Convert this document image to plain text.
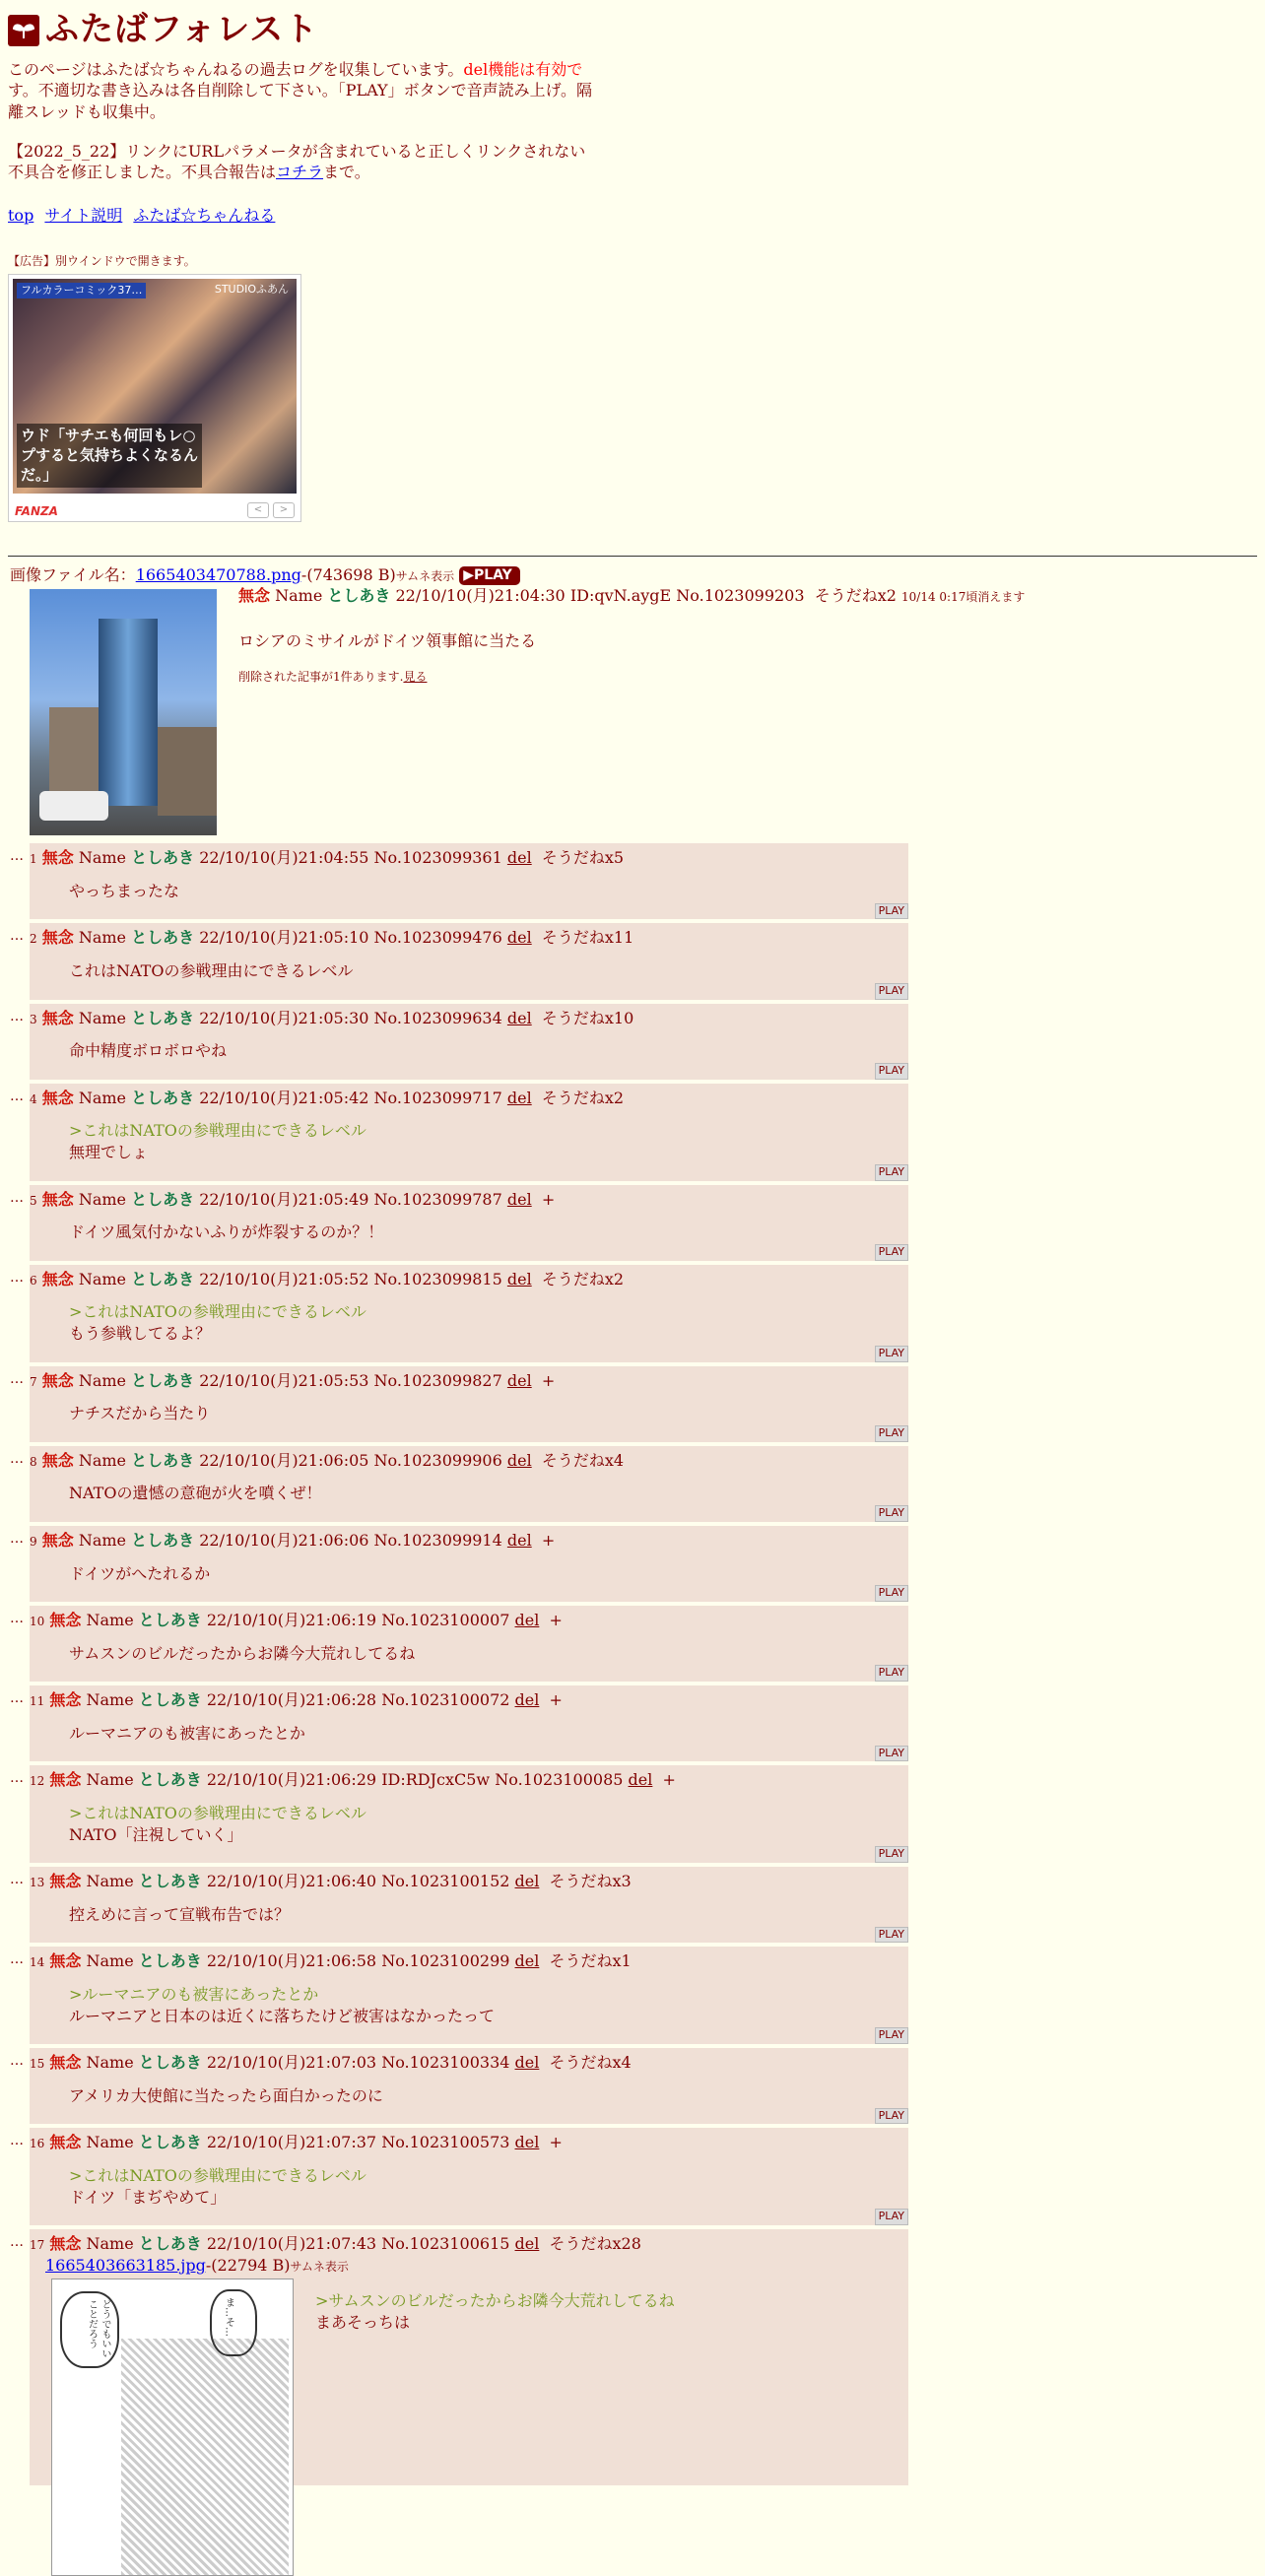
ふたばフォレスト
このページはふたば☆ちゃんねるの過去ログを収集しています。del機能は有効です。不適切な書き込みは各自削除して下さい。「PLAY」ボタンで音声読み上げ。隔離スレッドも収集中。
【2022_5_22】リンクにURLパラメータが含まれていると正しくリンクされない不具合を修正しました。不具合報告はコチラまで。
top サイト説明 ふたば☆ちゃんねる
【広告】別ウインドウで開きます。
フルカラーコミック37…	STUDIOふあん
ウド「サチエも何回もレ○プすると気持ちよくなるんだ。」
FANZA	<	>
画像ファイル名：1665403470788.png-(743698 B)サムネ表示 ▶PLAY
無念 Name としあき 22/10/10(月)21:04:30 ID:qvN.aygE No.1023099203 そうだねx2 10/14 0:17頃消えます
ロシアのミサイルがドイツ領事館に当たる
削除された記事が1件あります.見る
… 1 無念 Name としあき 22/10/10(月)21:04:55 No.1023099361 del そうだねx5
やっちまったな
PLAY
… 2 無念 Name としあき 22/10/10(月)21:05:10 No.1023099476 del そうだねx11
これはNATOの参戦理由にできるレベル
PLAY
… 3 無念 Name としあき 22/10/10(月)21:05:30 No.1023099634 del そうだねx10
命中精度ボロボロやね
PLAY
… 4 無念 Name としあき 22/10/10(月)21:05:42 No.1023099717 del そうだねx2
>これはNATOの参戦理由にできるレベル
無理でしょ
PLAY
… 5 無念 Name としあき 22/10/10(月)21:05:49 No.1023099787 del +
ドイツ風気付かないふりが炸裂するのか？！
PLAY
… 6 無念 Name としあき 22/10/10(月)21:05:52 No.1023099815 del そうだねx2
>これはNATOの参戦理由にできるレベル
もう参戦してるよ？
PLAY
… 7 無念 Name としあき 22/10/10(月)21:05:53 No.1023099827 del +
ナチスだから当たり
PLAY
… 8 無念 Name としあき 22/10/10(月)21:06:05 No.1023099906 del そうだねx4
NATOの遺憾の意砲が火を噴くぜ！
PLAY
… 9 無念 Name としあき 22/10/10(月)21:06:06 No.1023099914 del +
ドイツがへたれるか
PLAY
… 10 無念 Name としあき 22/10/10(月)21:06:19 No.1023100007 del +
サムスンのビルだったからお隣今大荒れしてるね
PLAY
… 11 無念 Name としあき 22/10/10(月)21:06:28 No.1023100072 del +
ルーマニアのも被害にあったとか
PLAY
… 12 無念 Name としあき 22/10/10(月)21:06:29 ID:RDJcxC5w No.1023100085 del +
>これはNATOの参戦理由にできるレベル
NATO「注視していく」
PLAY
… 13 無念 Name としあき 22/10/10(月)21:06:40 No.1023100152 del そうだねx3
控えめに言って宣戦布告では？
PLAY
… 14 無念 Name としあき 22/10/10(月)21:06:58 No.1023100299 del そうだねx1
>ルーマニアのも被害にあったとか
ルーマニアと日本のは近くに落ちたけど被害はなかったって
PLAY
… 15 無念 Name としあき 22/10/10(月)21:07:03 No.1023100334 del そうだねx4
アメリカ大使館に当たったら面白かったのに
PLAY
… 16 無念 Name としあき 22/10/10(月)21:07:37 No.1023100573 del +
>これはNATOの参戦理由にできるレベル
ドイツ「まぢやめて」
PLAY
… 17 無念 Name としあき 22/10/10(月)21:07:43 No.1023100615 del そうだねx28
1665403663185.jpg-(22794 B)サムネ表示
どうでもいいことだろう	ま…そ…	>サムスンのビルだったからお隣今大荒れしてるね
まあそっちは
